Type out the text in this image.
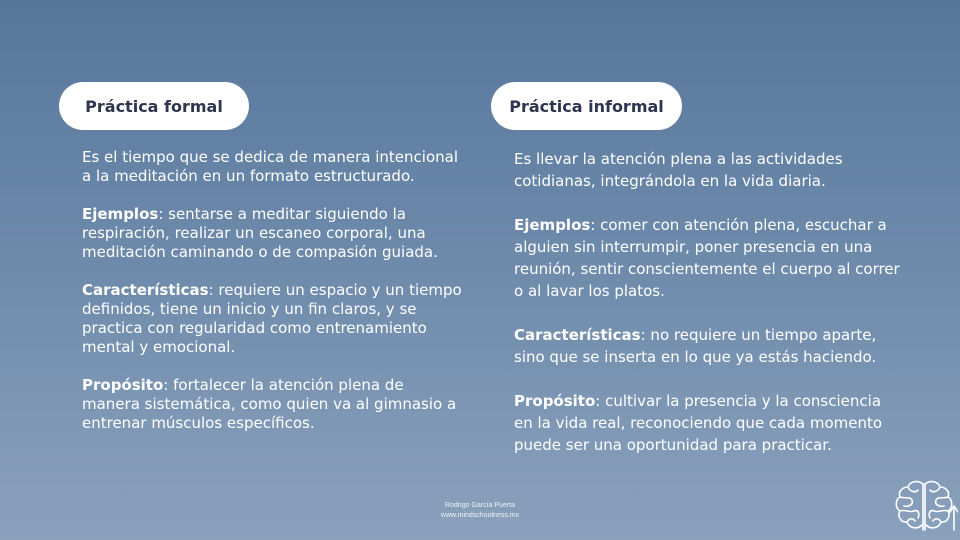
Práctica formal	Práctica informal

Es el tiempo que se dedica de manera intencional a la meditación en un formato estructurado.

Ejemplos: sentarse a meditar siguiendo la respiración, realizar un escaneo corporal, una meditación caminando o de compasión guiada.

Características: requiere un espacio y un tiempo definidos, tiene un inicio y un fin claros, y se practica con regularidad como entrenamiento mental y emocional.

Propósito: fortalecer la atención plena de manera sistemática, como quien va al gimnasio a entrenar músculos específicos.

Es llevar la atención plena a las actividades cotidianas, integrándola en la vida diaria.

Ejemplos: comer con atención plena, escuchar a alguien sin interrumpir, poner presencia en una reunión, sentir conscientemente el cuerpo al correr o al lavar los platos.

Características: no requiere un tiempo aparte, sino que se inserta en lo que ya estás haciendo.

Propósito: cultivar la presencia y la consciencia en la vida real, reconociendo que cada momento puede ser una oportunidad para practicar.

Rodrigo García Puerta
www.mindschoolness.mx
